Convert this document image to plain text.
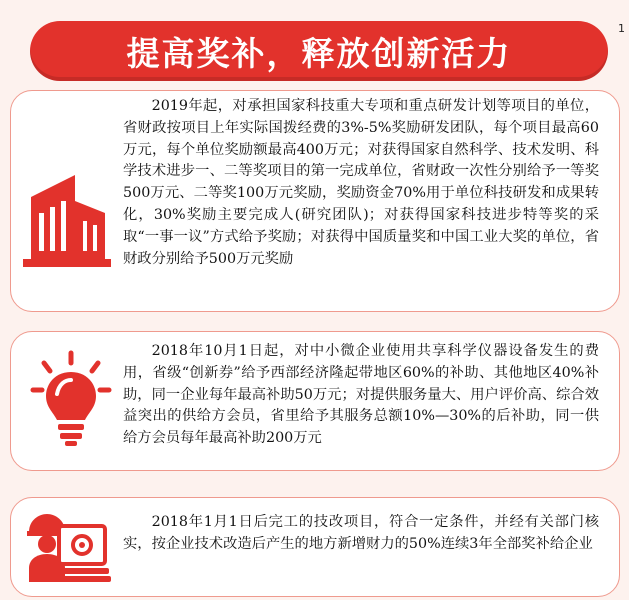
1
提高奖补，释放创新活力
2019年起，对承担国家科技重大专项和重点研发计划等项目的单位，省财政按项目上年实际国拨经费的3%-5%奖励研发团队，每个项目最高60万元，每个单位奖励额最高400万元；对获得国家自然科学、技术发明、科学技术进步一、二等奖项目的第一完成单位，省财政一次性分别给予一等奖500万元、二等奖100万元奖励，奖励资金70%用于单位科技研发和成果转化，30%奖励主要完成人(研究团队)；对获得国家科技进步特等奖的采取“一事一议”方式给予奖励；对获得中国质量奖和中国工业大奖的单位，省财政分别给予500万元奖励
2018年10月1日起，对中小微企业使用共享科学仪器设备发生的费用，省级“创新券”给予西部经济隆起带地区60%的补助、其他地区40%补助，同一企业每年最高补助50万元；对提供服务量大、用户评价高、综合效益突出的供给方会员，省里给予其服务总额10%—30%的后补助，同一供给方会员每年最高补助200万元
2018年1月1日后完工的技改项目，符合一定条件，并经有关部门核实，按企业技术改造后产生的地方新增财力的50%连续3年全部奖补给企业
